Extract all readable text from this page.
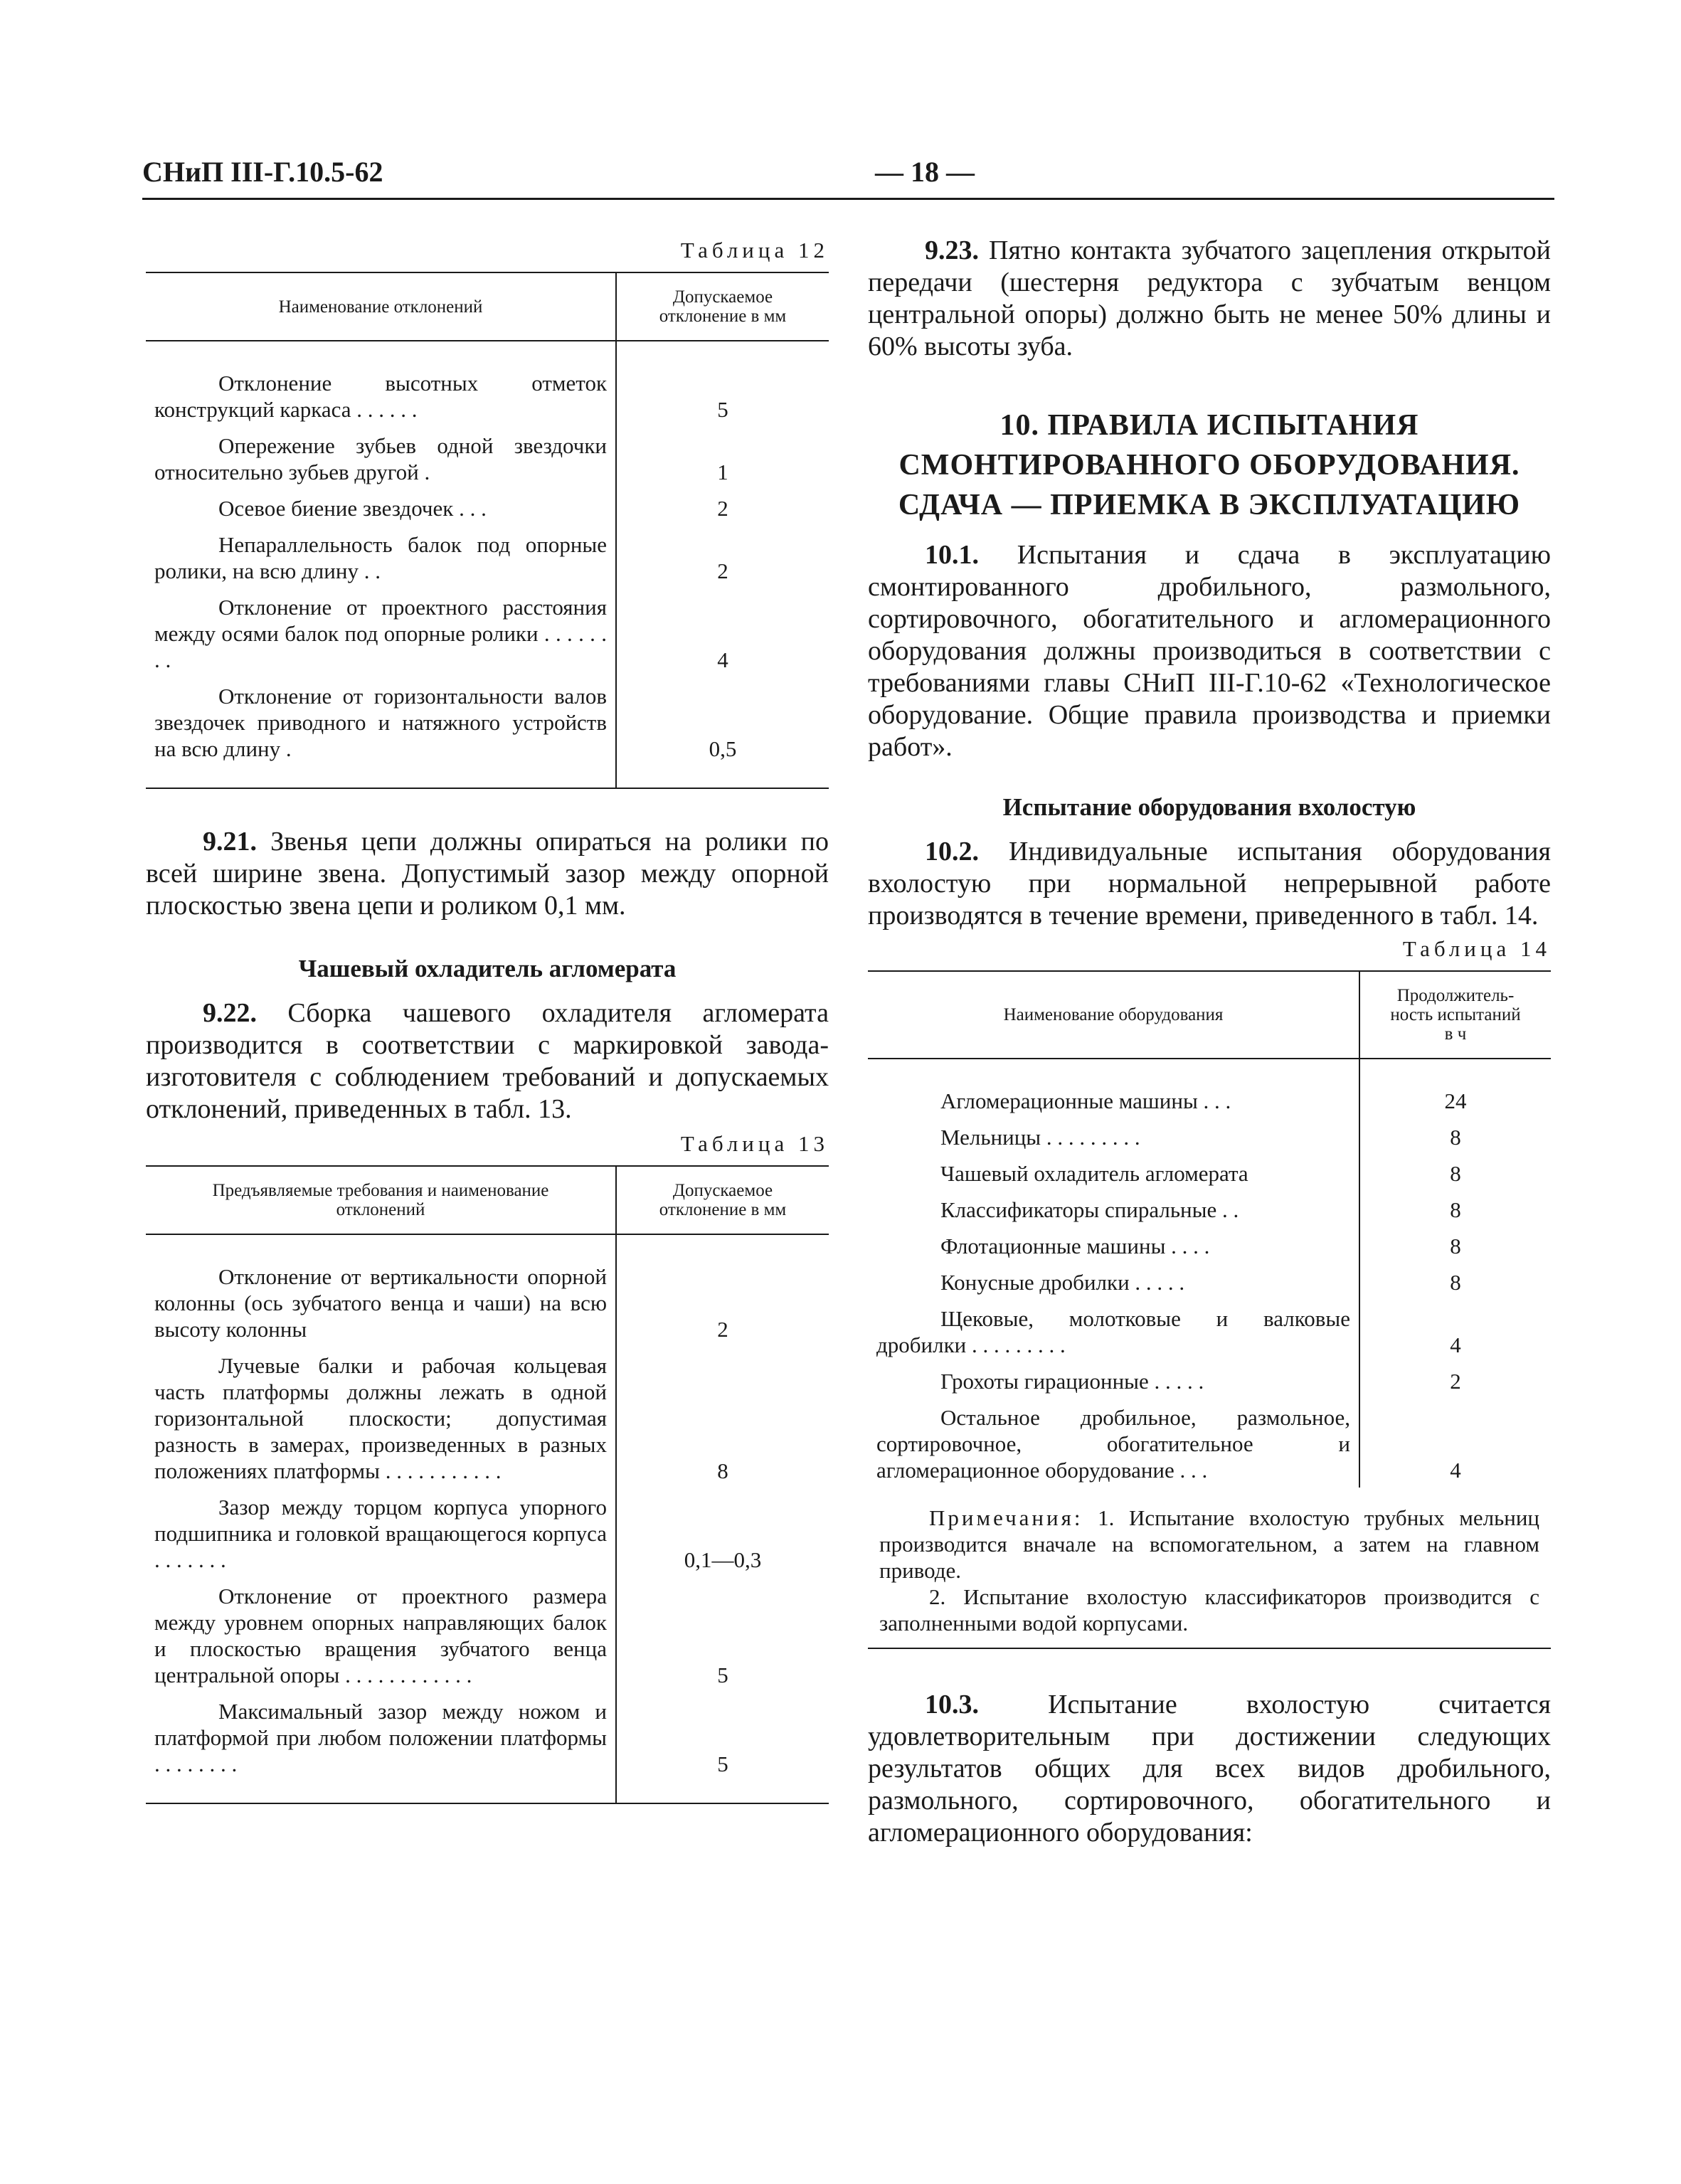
СНиП III-Г.10.5-62	— 18 —
Таблица 12
Наименование отклонений	Допускаемое
отклонение в мм
Отклонение высотных отметок конструкций каркаса . . . . . .	5
Опережение зубьев одной звездочки относительно зубьев другой .	1
Осевое биение звездочек . . .	2
Непараллельность балок под опорные ролики, на всю длину . .	2
Отклонение от проектного расстояния между осями балок под опорные ролики . . . . . . . .	4
Отклонение от горизонтальности валов звездочек приводного и натяжного устройств на всю длину .	0,5

9.21. Звенья цепи должны опираться на ролики по всей ширине звена. Допустимый зазор между опорной плоскостью звена цепи и роликом 0,1 мм.

Чашевый охладитель агломерата

9.22. Сборка чашевого охладителя агломерата производится в соответствии с маркировкой завода-изготовителя с соблюдением требований и допускаемых отклонений, приведенных в табл. 13.

Таблица 13
Предъявляемые требования и наименование
отклонений	Допускаемое
отклонение в мм
Отклонение от вертикальности опорной колонны (ось зубчатого венца и чаши) на всю высоту колонны	2
Лучевые балки и рабочая кольцевая часть платформы должны лежать в одной горизонтальной плоскости; допустимая разность в замерах, произведенных в разных положениях платформы . . . . . . . . . . .	8
Зазор между торцом корпуса упорного подшипника и головкой вращающегося корпуса . . . . . . .	0,1—0,3
Отклонение от проектного размера между уровнем опорных направляющих балок и плоскостью вращения зубчатого венца центральной опоры . . . . . . . . . . . .	5
Максимальный зазор между ножом и платформой при любом положении платформы . . . . . . . .	5

9.23. Пятно контакта зубчатого зацепления открытой передачи (шестерня редуктора с зубчатым венцом центральной опоры) должно быть не менее 50% длины и 60% высоты зуба.

10. ПРАВИЛА ИСПЫТАНИЯ
СМОНТИРОВАННОГО ОБОРУДОВАНИЯ.
СДАЧА — ПРИЕМКА В ЭКСПЛУАТАЦИЮ

10.1. Испытания и сдача в эксплуатацию смонтированного дробильного, размольного, сортировочного, обогатительного и агломерационного оборудования должны производиться в соответствии с требованиями главы СНиП III-Г.10-62 «Технологическое оборудование. Общие правила производства и приемки работ».

Испытание оборудования вхолостую

10.2. Индивидуальные испытания оборудования вхолостую при нормальной непрерывной работе производятся в течение времени, приведенного в табл. 14.

Таблица 14
Наименование оборудования	Продолжитель-
ность испытаний
в ч
Агломерационные машины . . .	24
Мельницы . . . . . . . . .	8
Чашевый охладитель агломерата	8
Классификаторы спиральные . .	8
Флотационные машины . . . .	8
Конусные дробилки . . . . .	8
Щековые, молотковые и валковые дробилки . . . . . . . . .	4
Грохоты гирационные . . . . .	2
Остальное дробильное, размольное, сортировочное, обогатительное и агломерационное оборудование . . .	4

Примечания: 1. Испытание вхолостую трубных мельниц производится вначале на вспомогательном, а затем на главном приводе.

2. Испытание вхолостую классификаторов производится с заполненными водой корпусами.	

10.3. Испытание вхолостую считается удовлетворительным при достижении следующих результатов общих для всех видов дробильного, размольного, сортировочного, обогатительного и агломерационного оборудования:
